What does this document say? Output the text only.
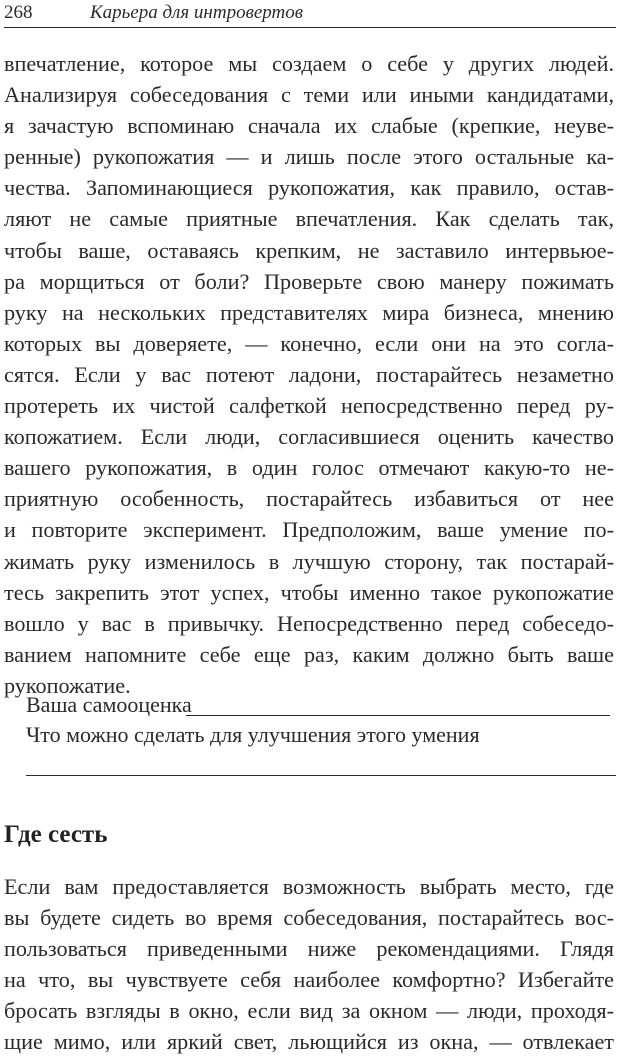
268	Карьера для интровертов
впечатление, которое мы создаем о себе у других людей.
Анализируя собеседования с теми или иными кандидатами,
я зачастую вспоминаю сначала их слабые (крепкие, неуве-
ренные) рукопожатия — и лишь после этого остальные ка-
чества. Запоминающиеся рукопожатия, как правило, остав-
ляют не самые приятные впечатления. Как сделать так,
чтобы ваше, оставаясь крепким, не заставило интервьюе-
ра морщиться от боли? Проверьте свою манеру пожимать
руку на нескольких представителях мира бизнеса, мнению
которых вы доверяете, — конечно, если они на это согла-
сятся. Если у вас потеют ладони, постарайтесь незаметно
протереть их чистой салфеткой непосредственно перед ру-
копожатием. Если люди, согласившиеся оценить качество
вашего рукопожатия, в один голос отмечают какую-то не-
приятную особенность, постарайтесь избавиться от нее
и повторите эксперимент. Предположим, ваше умение по-
жимать руку изменилось в лучшую сторону, так постарай-
тесь закрепить этот успех, чтобы именно такое рукопожатие
вошло у вас в привычку. Непосредственно перед собеседо-
ванием напомните себе еще раз, каким должно быть ваше
рукопожатие.
Ваша самооценка
Что можно сделать для улучшения этого умения
Где сесть
Если вам предоставляется возможность выбрать место, где
вы будете сидеть во время собеседования, постарайтесь вос-
пользоваться приведенными ниже рекомендациями. Глядя
на что, вы чувствуете себя наиболее комфортно? Избегайте
бросать взгляды в окно, если вид за окном — люди, проходя-
щие мимо, или яркий свет, льющийся из окна, — отвлекает
